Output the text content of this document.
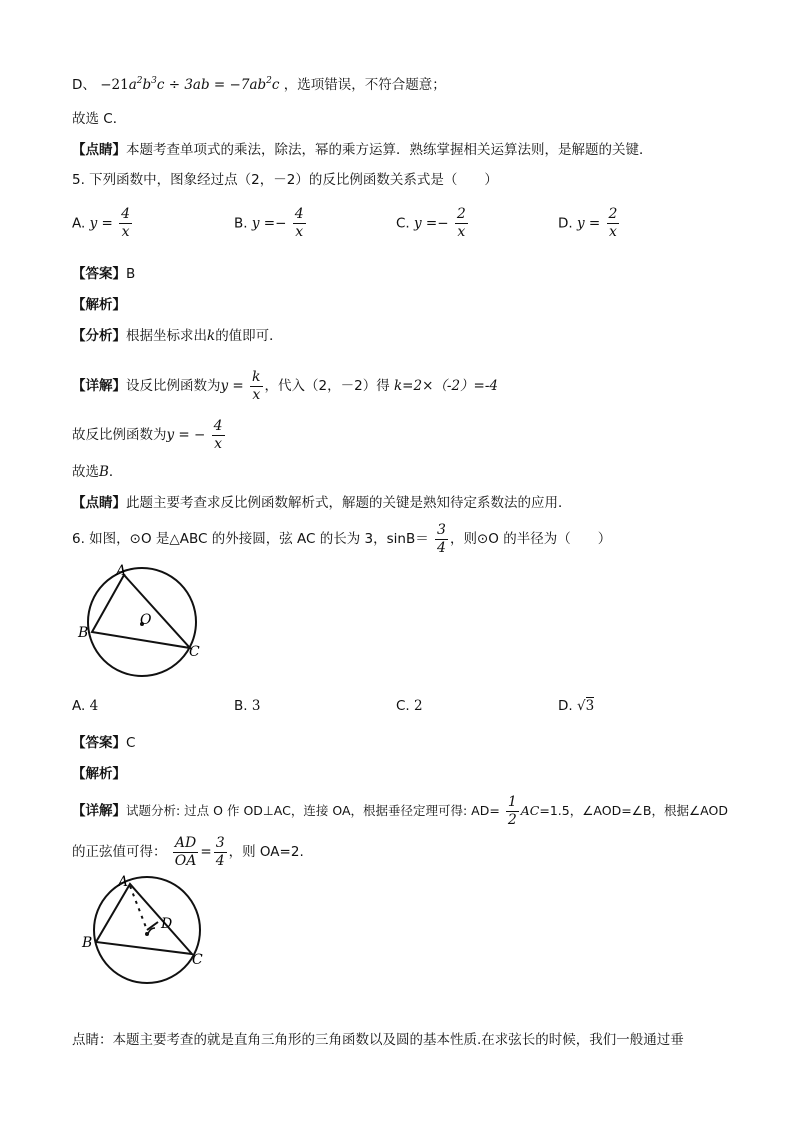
D、 $-21a^2b^3c \div 3ab = -7ab^2c$ ，选项错误，不符合题意；
故选 C．
【点睛】本题考查单项式的乘法，除法，幂的乘方运算．熟练掌握相关运算法则，是解题的关键．
5. 下列函数中，图象经过点（2，－2）的反比例函数关系式是（　　）
A. $y = \frac{4}{x}$	B. $y =- \frac{4}{x}$	C. $y =- \frac{2}{x}$	D. $y = \frac{2}{x}$
【答案】B
【解析】
【分析】根据坐标求出k的值即可．
【详解】设反比例函数为$y = \frac{k}{x}$ ，代入（2，－2）得 k=2×（-2）=-4
故反比例函数为y = − $\frac{4}{x}$
故选B．
【点睛】此题主要考查求反比例函数解析式，解题的关键是熟知待定系数法的应用．
6. 如图，⊙O 是△ABC 的外接圆，弦 AC 的长为 3，$\sin B= \frac{3}{4}$ ，则⊙O 的半径为（　　）
A
B
C
O
A. 4	B. 3	C. 2	D. √3
【答案】C
【解析】
【详解】试题分析: 过点 O 作 OD⊥AC，连接 OA，根据垂径定理可得: $AD= \frac{1}{2} AC=1.5$，∠AOD=∠B，根据∠AOD
的正弦值可得： $\frac{AD}{OA} = \frac{3}{4}$ ，则 OA=2.
A
B
C
D
点睛：本题主要考查的就是直角三角形的三角函数以及圆的基本性质.在求弦长的时候，我们一般通过垂
